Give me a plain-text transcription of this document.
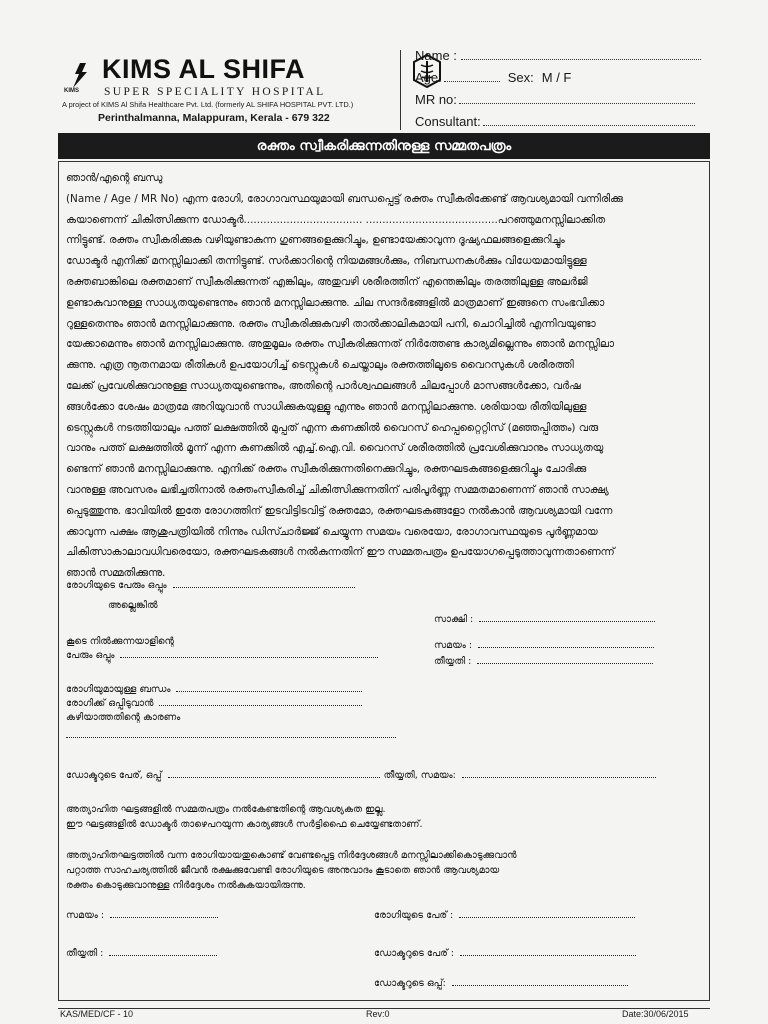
KIMS
KIMS AL SHIFA
SUPER SPECIALITY HOSPITAL
A project of KIMS Al Shifa Healthcare Pvt. Ltd. (formerly AL SHIFA HOSPITAL PVT. LTD.)
Perinthalmanna, Malappuram, Kerala - 679 322
Name :
Age:	Sex: M / F
MR no:
Consultant:
രക്തം സ്വീകരിക്കുന്നതിനുള്ള സമ്മതപത്രം
ഞാൻ/എന്റെ ബന്ധു
(Name / Age / MR No) എന്ന രോഗി, രോഗാവസ്ഥയുമായി ബന്ധപ്പെട്ട് രക്തം സ്വീകരിക്കേണ്ട് ആവശ്യമായി വന്നിരിക്കു
കയാണെന്ന് ചികിത്സിക്കുന്ന ഡോക്ടർ.................................... ........................................പറഞ്ഞുമനസ്സിലാക്കിത
ന്നിട്ടുണ്ട്. രക്തം സ്വീകരിക്കുക വഴിയുണ്ടാകുന്ന ഗുണങ്ങളെക്കുറിച്ചും, ഉണ്ടായേക്കാവുന്ന ദൂഷ്യഫലങ്ങളെക്കുറിച്ചും
ഡോക്ടർ എനിക്ക് മനസ്സിലാക്കി തന്നിട്ടുണ്ട്. സർക്കാറിന്റെ നിയമങ്ങൾക്കും, നിബന്ധനകൾക്കും വിധേയമായിട്ടുള്ള
രക്തബാങ്കിലെ രക്തമാണ് സ്വീകരിക്കുന്നത് എങ്കിലും, അതുവഴി ശരീരത്തിന് എന്തെങ്കിലും തരത്തിലുള്ള അലർജി
ഉണ്ടാകുവാനുള്ള സാധ്യതയുണ്ടെന്നും ഞാൻ മനസ്സിലാക്കുന്നു. ചില സന്ദർഭങ്ങളിൽ മാത്രമാണ് ഇങ്ങനെ സംഭവിക്കാ
റുള്ളതെന്നും ഞാൻ മനസ്സിലാക്കുന്നു. രക്തം സ്വീകരിക്കുകവഴി താൽക്കാലികമായി പനി, ചൊറിച്ചിൽ എന്നിവയുണ്ടാ
യേക്കാമെന്നും ഞാൻ മനസ്സിലാക്കുന്നു. അതുമൂലം രക്തം സ്വീകരിക്കുന്നത് നിർത്തേണ്ട കാര്യമില്ലെന്നും ഞാൻ മനസ്സിലാ
ക്കുന്നു. എത്ര നൂതനമായ രീതികൾ ഉപയോഗിച്ച് ടെസ്റ്റുകൾ ചെയ്താലും രക്തത്തിലൂടെ വൈറസുകൾ ശരീരത്തി
ലേക്ക് പ്രവേശിക്കുവാനുള്ള സാധ്യതയുണ്ടെന്നും, അതിന്റെ പാർശ്വഫലങ്ങൾ ചിലപ്പോൾ മാസങ്ങൾക്കോ, വർഷ
ങ്ങൾക്കോ ശേഷം മാത്രമേ അറിയുവാൻ സാധിക്കുകയുള്ളു എന്നും ഞാൻ മനസ്സിലാക്കുന്നു. ശരിയായ രീതിയിലുള്ള
ടെസ്റ്റുകൾ നടത്തിയാലും പത്ത് ലക്ഷത്തിൽ മുപ്പത് എന്ന കണക്കിൽ വൈറസ് ഹെപ്പറ്റൈറ്റിസ് (മഞ്ഞപ്പിത്തം) വരു
വാനും പത്ത് ലക്ഷത്തിൽ മൂന്ന് എന്ന കണക്കിൽ എച്ച്.ഐ.വി. വൈറസ് ശരീരത്തിൽ പ്രവേശിക്കുവാനും സാധ്യതയു
ണ്ടെന്ന് ഞാൻ മനസ്സിലാക്കുന്നു. എനിക്ക് രക്തം സ്വീകരിക്കുന്നതിനെക്കുറിച്ചും, രക്തഘടകങ്ങളെക്കുറിച്ചും ചോദിക്കു
വാനുള്ള അവസരം ലഭിച്ചതിനാൽ രക്തംസ്വീകരിച്ച് ചികിത്സിക്കുന്നതിന് പരിപൂർണ്ണ സമ്മതമാണെന്ന് ഞാൻ സാക്ഷ്യ
പ്പെടുത്തുന്നു. ഭാവിയിൽ ഇതേ രോഗത്തിന് ഇടവിട്ടിടവിട്ട് രക്തമോ, രക്തഘടകങ്ങളോ നൽകാൻ ആവശ്യമായി വന്നേ
ക്കാവുന്ന പക്ഷം ആശുപത്രിയിൽ നിന്നും ഡിസ്ചാർജ്ജ് ചെയ്യുന്ന സമയം വരെയോ, രോഗാവസ്ഥയുടെ പൂർണ്ണമായ
ചികിത്സാകാലാവധിവരെയോ, രക്തഘടകങ്ങൾ നൽകുന്നതിന് ഈ സമ്മതപത്രം ഉപയോഗപ്പെടുത്താവുന്നതാണെന്ന്
ഞാൻ സമ്മതിക്കുന്നു.
രോഗിയുടെ പേരും ഒപ്പും
അല്ലെങ്കിൽ
സാക്ഷി :
കൂടെ നിൽക്കുന്നയാളിന്റെ
പേരും ഒപ്പും
സമയം :
തീയ്യതി :
രോഗിയുമായുള്ള ബന്ധം
രോഗിക്ക് ഒപ്പിടുവാൻ
കഴിയാത്തതിന്റെ കാരണം
ഡോക്ടറുടെ പേര്, ഒപ്പ്	തീയ്യതി, സമയം:
അത്യാഹിത ഘട്ടങ്ങളിൽ സമ്മതപത്രം നൽകേണ്ടതിന്റെ ആവശ്യകത ഇല്ല.
ഈ ഘട്ടങ്ങളിൽ ഡോക്ടർ താഴെപറയുന്ന കാര്യങ്ങൾ സർട്ടിഫൈ ചെയ്യേണ്ടതാണ്.
അത്യാഹിതഘട്ടത്തിൽ വന്ന രോഗിയായതുകൊണ്ട് വേണ്ടപ്പെട്ട നിർദ്ദേശങ്ങൾ മനസ്സിലാക്കികൊടുക്കുവാൻ
പറ്റാത്ത സാഹചര്യത്തിൽ ജീവൻ രക്ഷക്കുവേണ്ടി രോഗിയുടെ അനുവാദം കൂടാതെ ഞാൻ ആവശ്യമായ
രക്തം കൊടുക്കുവാനുള്ള നിർദ്ദേശം നൽകുകയായിരുന്നു.
സമയം :	രോഗിയുടെ പേര് :
തീയ്യതി :	ഡോക്ടറുടെ പേര് :
ഡോക്ടറുടെ ഒപ്പ്:
KAS/MED/CF - 10	Rev:0	Date:30/06/2015
